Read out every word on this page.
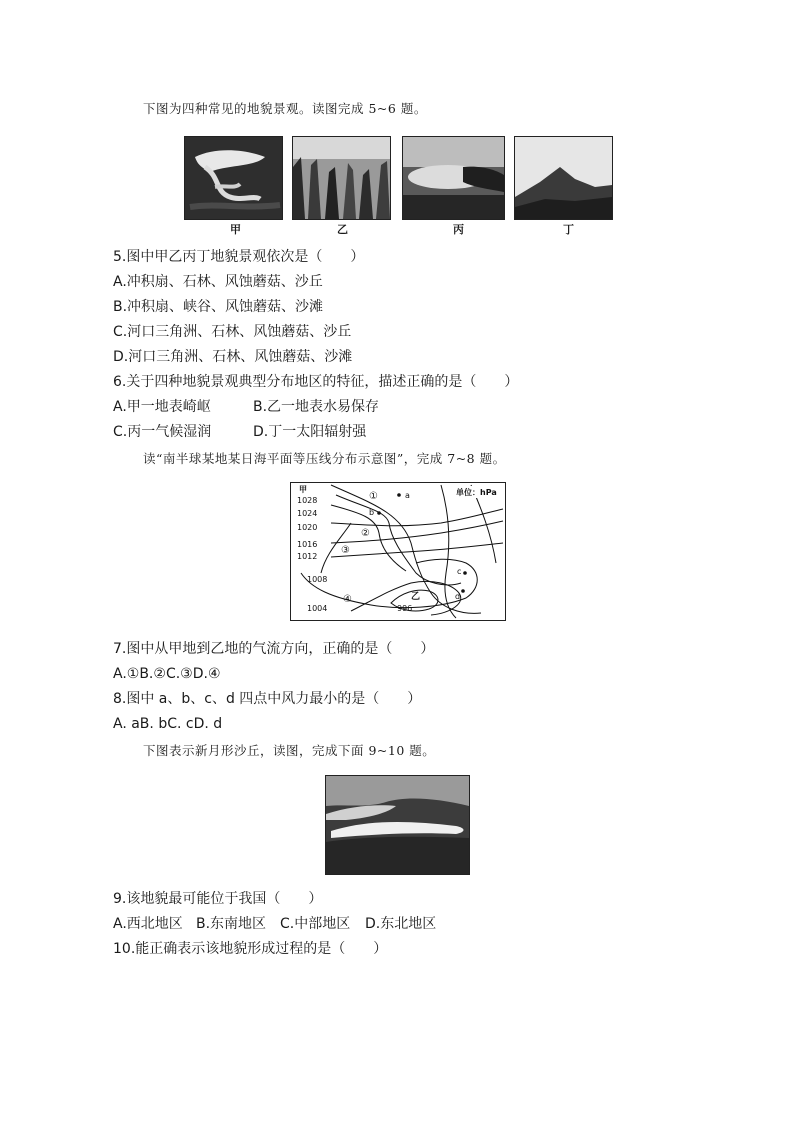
下图为四种常见的地貌景观。读图完成 5~6 题。
甲	乙	丙	丁
5.图中甲乙丙丁地貌景观依次是（　　）
A.冲积扇、石林、风蚀蘑菇、沙丘
B.冲积扇、峡谷、风蚀蘑菇、沙滩
C.河口三角洲、石林、风蚀蘑菇、沙丘
D.河口三角洲、石林、风蚀蘑菇、沙滩
6.关于四种地貌景观典型分布地区的特征，描述正确的是（　　）
A.甲一地表崎岖	B.乙一地表水易保存
C.丙一气候湿润	D.丁一太阳辐射强
读“南半球某地某日海平面等压线分布示意图”，完成 7~8 题。
甲
1028
1024
1020
1016
1012
1008
1004	996
乙
①
②
③
④
a
b
c
d
单位：hPa
7.图中从甲地到乙地的气流方向，正确的是（　　）
A.①B.②C.③D.④
8.图中 a、b、c、d 四点中风力最小的是（　　）
A. aB. bC. cD. d
下图表示新月形沙丘，读图，完成下面 9~10 题。
9.该地貌最可能位于我国（　　）
A.西北地区 B.东南地区 C.中部地区 D.东北地区
10.能正确表示该地貌形成过程的是（　　）
